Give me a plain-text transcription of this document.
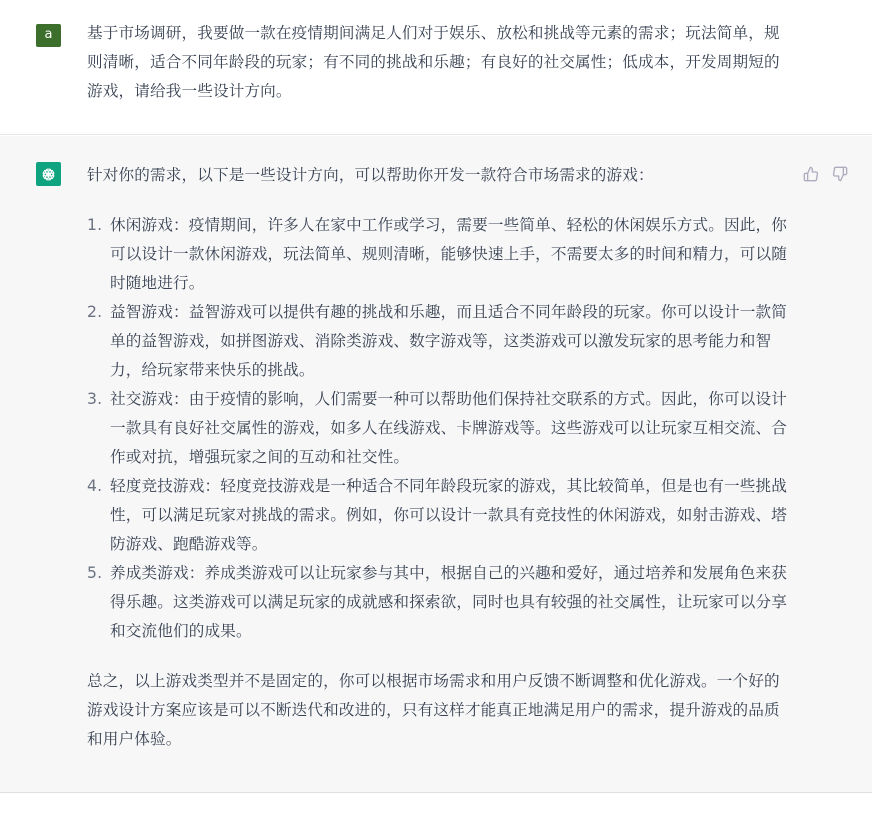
a	基于市场调研，我要做一款在疫情期间满足人们对于娱乐、放松和挑战等元素的需求；玩法简单，规则清晰，适合不同年龄段的玩家；有不同的挑战和乐趣；有良好的社交属性；低成本，开发周期短的游戏，请给我一些设计方向。

针对你的需求，以下是一些设计方向，可以帮助你开发一款符合市场需求的游戏：

1. 休闲游戏：疫情期间，许多人在家中工作或学习，需要一些简单、轻松的休闲娱乐方式。因此，你可以设计一款休闲游戏，玩法简单、规则清晰，能够快速上手，不需要太多的时间和精力，可以随时随地进行。
2. 益智游戏：益智游戏可以提供有趣的挑战和乐趣，而且适合不同年龄段的玩家。你可以设计一款简单的益智游戏，如拼图游戏、消除类游戏、数字游戏等，这类游戏可以激发玩家的思考能力和智力，给玩家带来快乐的挑战。
3. 社交游戏：由于疫情的影响，人们需要一种可以帮助他们保持社交联系的方式。因此，你可以设计一款具有良好社交属性的游戏，如多人在线游戏、卡牌游戏等。这些游戏可以让玩家互相交流、合作或对抗，增强玩家之间的互动和社交性。
4. 轻度竞技游戏：轻度竞技游戏是一种适合不同年龄段玩家的游戏，其比较简单，但是也有一些挑战性，可以满足玩家对挑战的需求。例如，你可以设计一款具有竞技性的休闲游戏，如射击游戏、塔防游戏、跑酷游戏等。
5. 养成类游戏：养成类游戏可以让玩家参与其中，根据自己的兴趣和爱好，通过培养和发展角色来获得乐趣。这类游戏可以满足玩家的成就感和探索欲，同时也具有较强的社交属性，让玩家可以分享和交流他们的成果。

总之，以上游戏类型并不是固定的，你可以根据市场需求和用户反馈不断调整和优化游戏。一个好的游戏设计方案应该是可以不断迭代和改进的，只有这样才能真正地满足用户的需求，提升游戏的品质和用户体验。
